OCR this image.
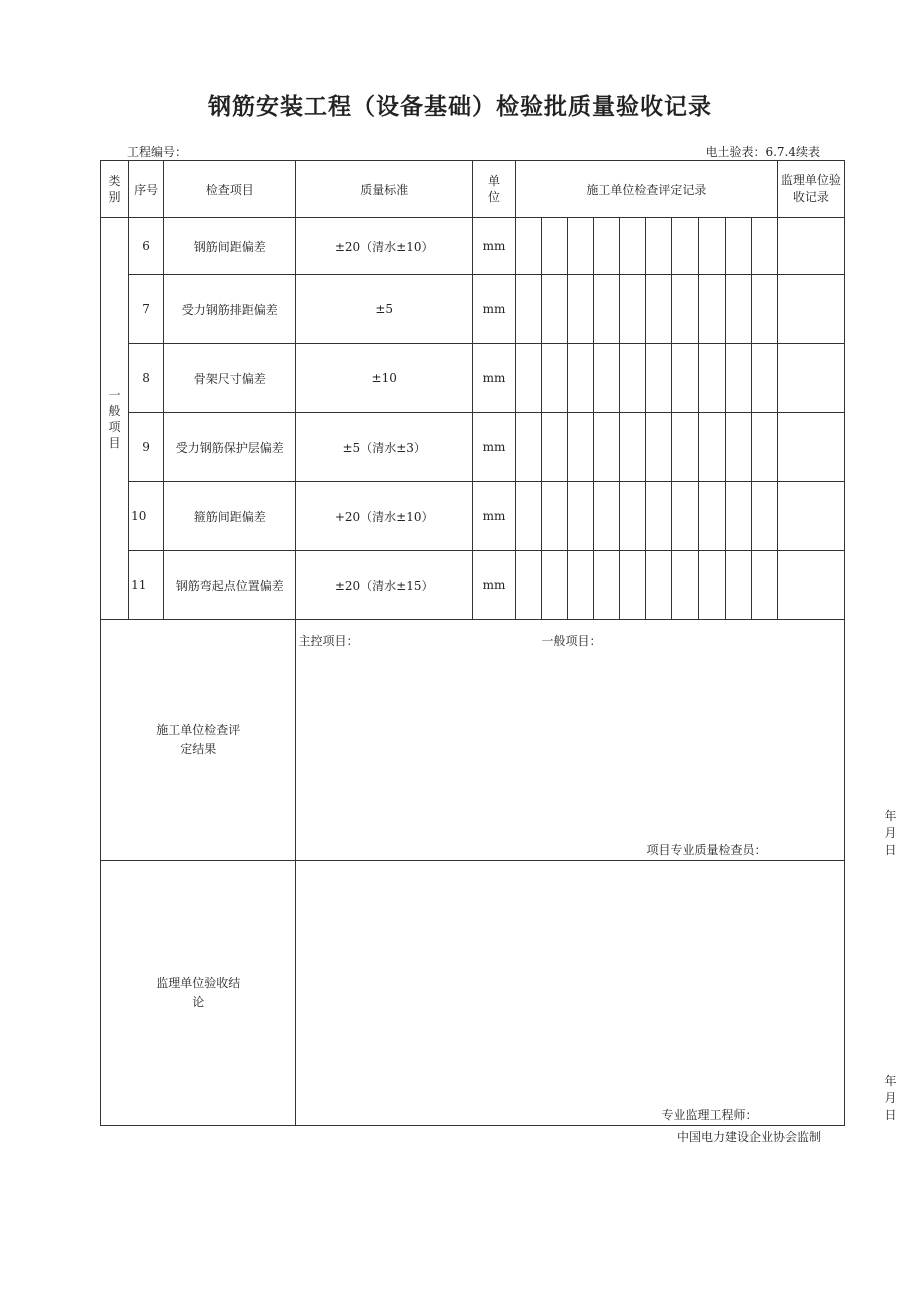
钢筋安装工程（设备基础）检验批质量验收记录
工程编号：	电土验表：6.7.4续表
类别	序号	检查项目	质量标准	单位	施工单位检查评定记录										监理单位验收记录
一般项目	6	钢筋间距偏差	±20（清水±10）	mm											
	7	受力钢筋排距偏差	±5	mm											
	8	骨架尺寸偏差	±10	mm											
	9	受力钢筋保护层偏差	±5（清水±3）	mm											
	10	箍筋间距偏差	+20（清水±10）	mm											
	11	钢筋弯起点位置偏差	±20（清水±15）	mm											
施工单位检查评定结果			主控项目： 一般项目：
项目专业质量检查员：
年月日												

监理单位验收结论			专业监理工程师：
年月日												
中国电力建设企业协会监制
